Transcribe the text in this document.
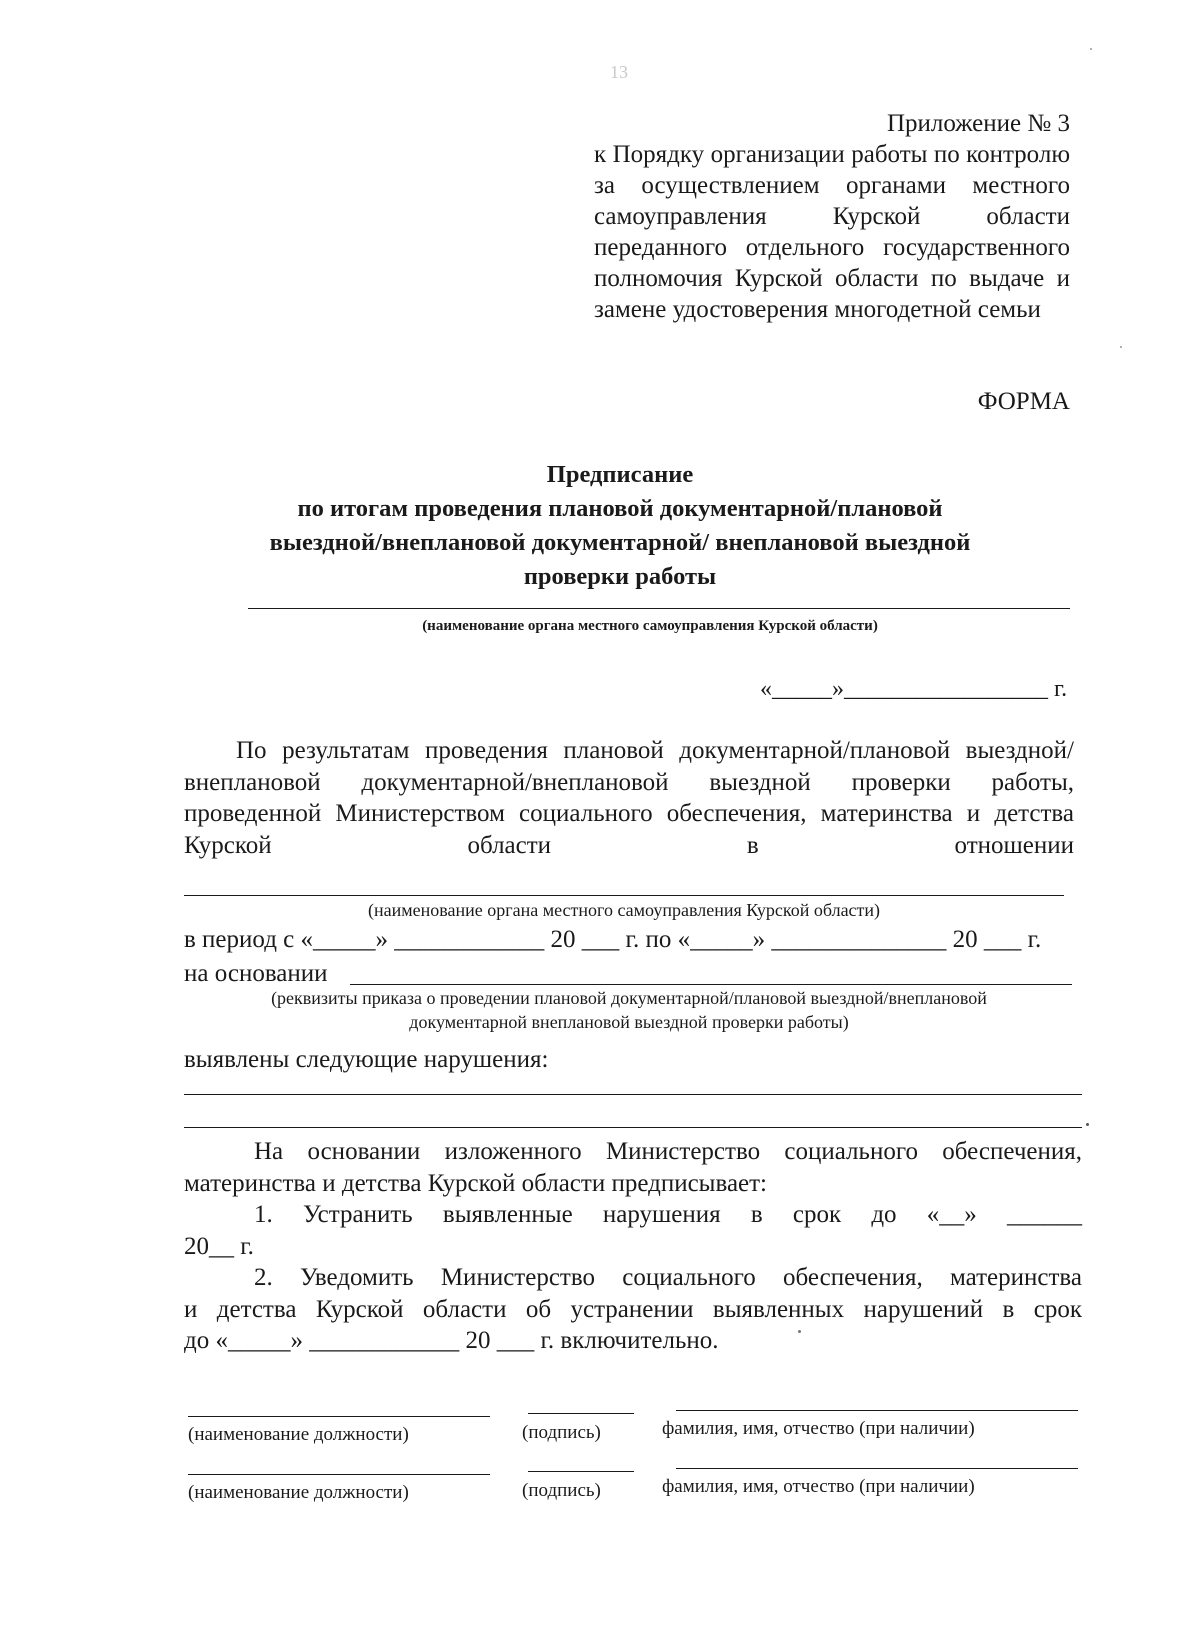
13
Приложение № 3
к Порядку организации работы по контролю за осуществлением органами местного самоуправления Курской области переданного отдельного государственного полномочия Курской области по выдаче и замене удостоверения многодетной семьи
ФОРМА
Предписание
по итогам проведения плановой документарной/плановой
выездной/внеплановой документарной/ внеплановой выездной
проверки работы
(наименование органа местного самоуправления Курской области)
«_____»_________________ г.
По результатам проведения плановой документарной/плановой выездной/внеплановой документарной/внеплановой выездной проверки работы, проведенной Министерством социального обеспечения, материнства и детства Курской области в отношении
(наименование органа местного самоуправления Курской области)
в период с «_____» ____________ 20 ___ г. по «_____» ______________ 20 ___ г.
на основании
(реквизиты приказа о проведении плановой документарной/плановой выездной/внеплановой
документарной внеплановой выездной проверки работы)
выявлены следующие нарушения:
На основании изложенного Министерство социального обеспечения,
материнства и детства Курской области предписывает:
1. Устранить выявленные нарушения в срок до «__» ______
20__ г.
2. Уведомить Министерство социального обеспечения, материнства
и детства Курской области об устранении выявленных нарушений в срок
до «_____» ____________ 20 ___ г. включительно.
(наименование должности)	(подпись)	фамилия, имя, отчество (при наличии)
(наименование должности)	(подпись)	фамилия, имя, отчество (при наличии)
